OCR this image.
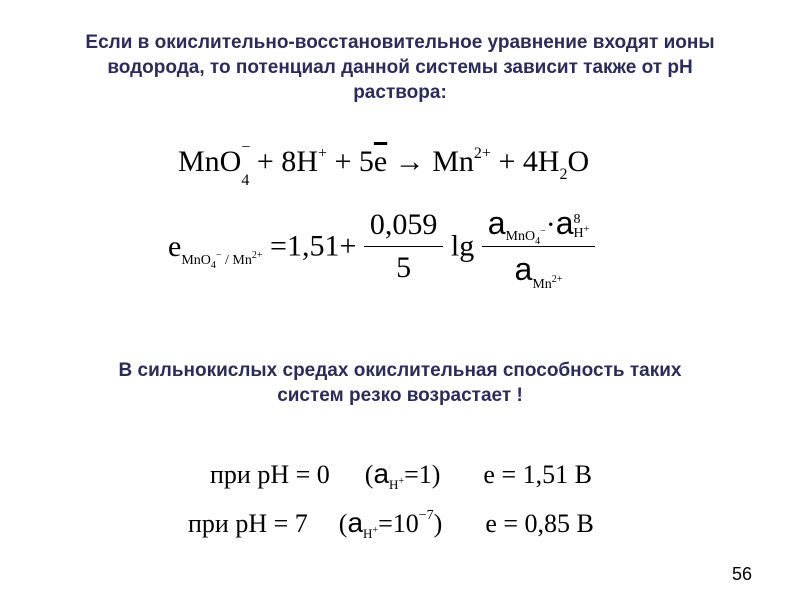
Если в окислительно-восстановительное уравнение входят ионы
водорода, то потенциал данной системы зависит также от pH
раствора:
MnO −
$_4 + 8H^+ + 5\overline{e} \to Mn^{2+} + 4H_2O$
$e_{MnO_4^- / Mn^{2+}} =1,51+ \frac{0,059}{5}$ $\lg a_{MnO_4^-}\cdot a$ 8
H+
$a_{Mn^{2+}}$
В сильнокислых средах окислительная способность таких
систем резко возрастает !
при pH = 0 $(a_{H^+}=1) e = 1,51$ В
при pH = 7 $(a_{H^+}=10^{-7}) e = 0,85$ В
56
